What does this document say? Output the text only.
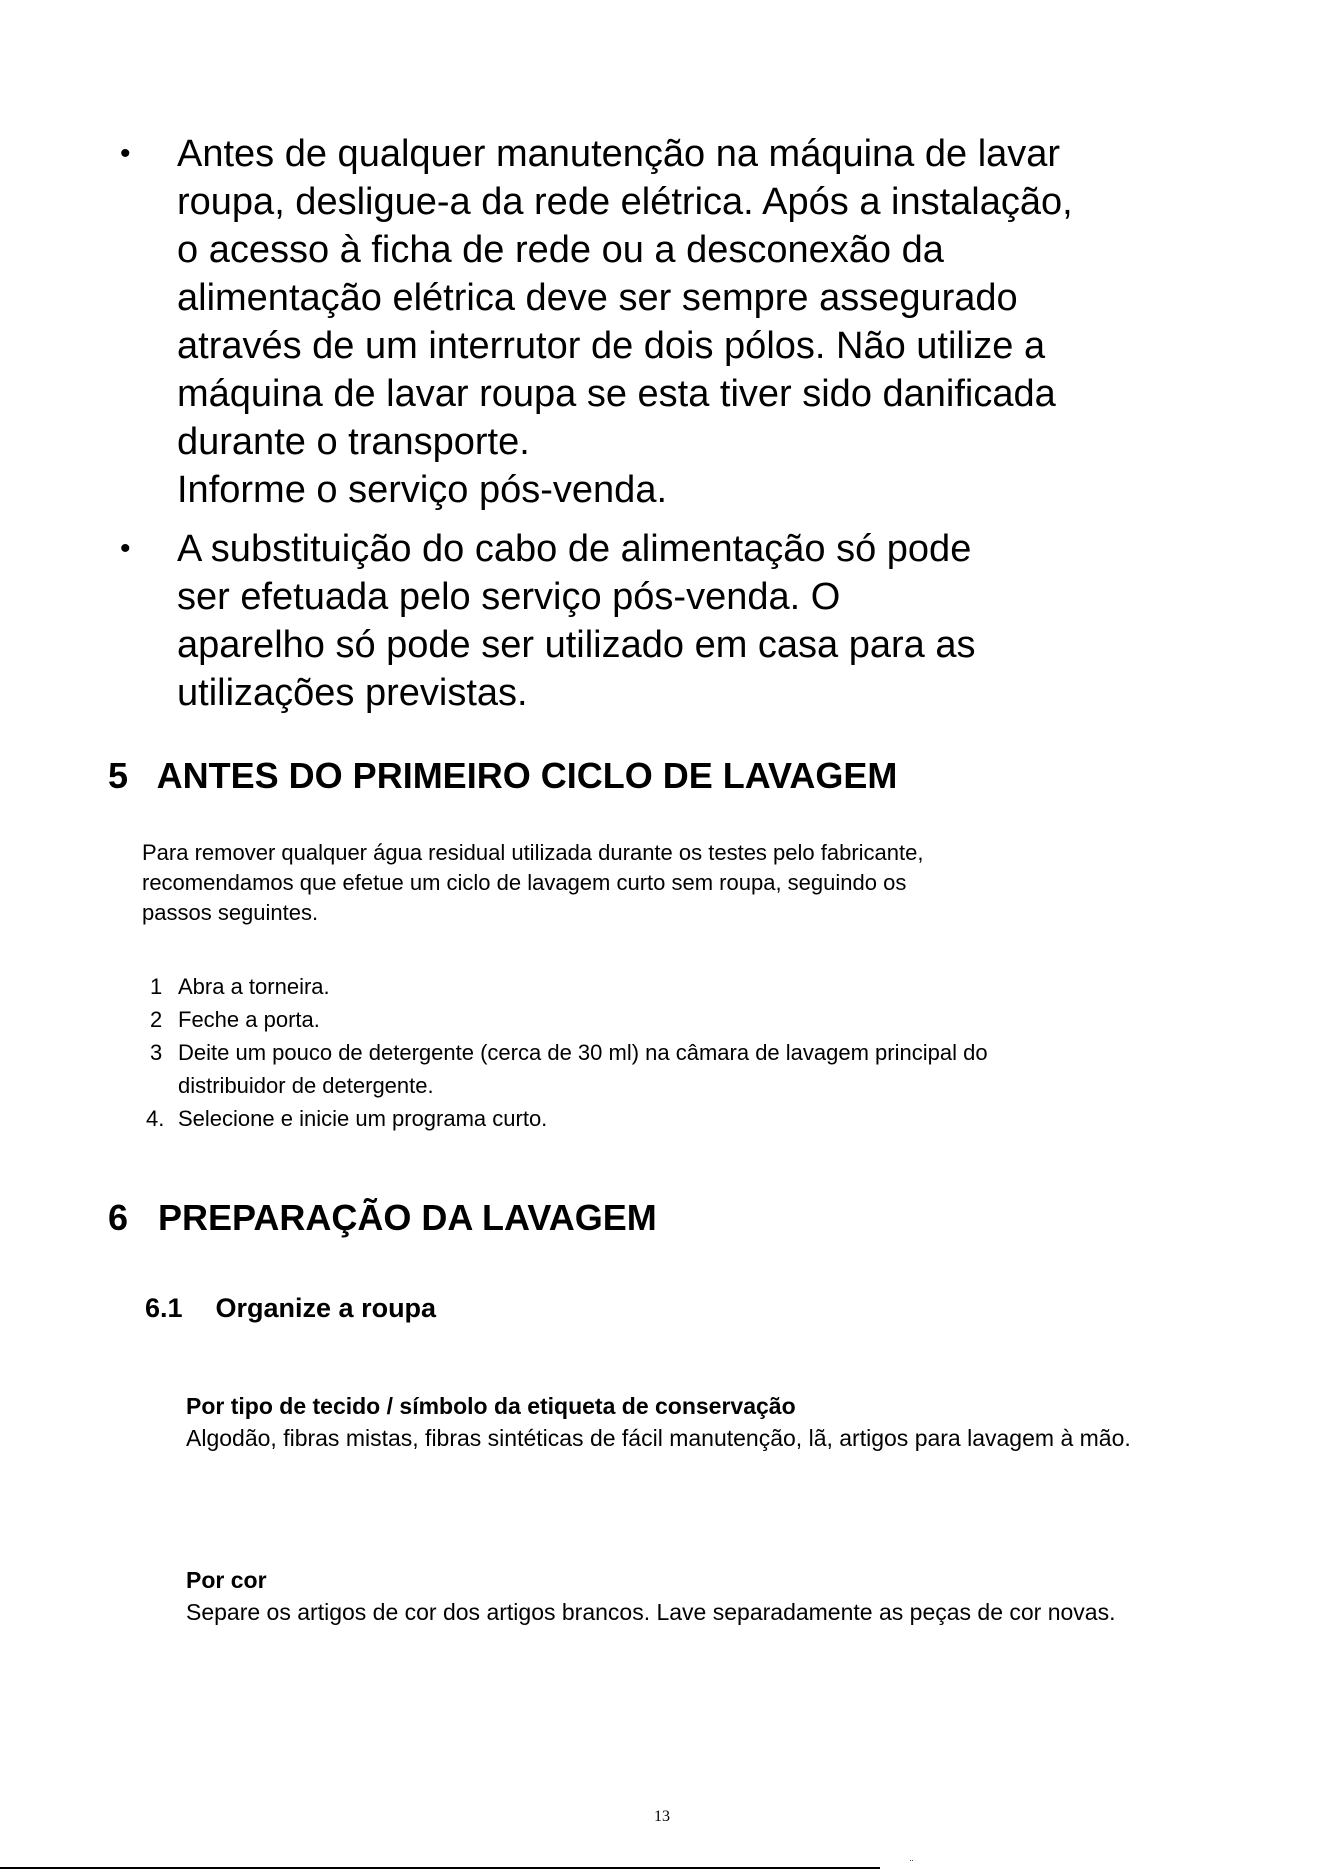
• Antes de qualquer manutenção na máquina de lavar
roupa, desligue-a da rede elétrica. Após a instalação,
o acesso à ficha de rede ou a desconexão da
alimentação elétrica deve ser sempre assegurado
através de um interrutor de dois pólos. Não utilize a
máquina de lavar roupa se esta tiver sido danificada
durante o transporte.
Informe o serviço pós-venda.
• A substituição do cabo de alimentação só pode
ser efetuada pelo serviço pós-venda. O
aparelho só pode ser utilizado em casa para as
utilizações previstas.
5 ANTES DO PRIMEIRO CICLO DE LAVAGEM
Para remover qualquer água residual utilizada durante os testes pelo fabricante,
recomendamos que efetue um ciclo de lavagem curto sem roupa, seguindo os
passos seguintes.
1 Abra a torneira.
2 Feche a porta.
3 Deite um pouco de detergente (cerca de 30 ml) na câmara de lavagem principal do
distribuidor de detergente.
4. Selecione e inicie um programa curto.
6 PREPARAÇÃO DA LAVAGEM
6.1 Organize a roupa
Por tipo de tecido / símbolo da etiqueta de conservação
Algodão, fibras mistas, fibras sintéticas de fácil manutenção, lã, artigos para lavagem à mão.
Por cor
Separe os artigos de cor dos artigos brancos. Lave separadamente as peças de cor novas.
13
¨
